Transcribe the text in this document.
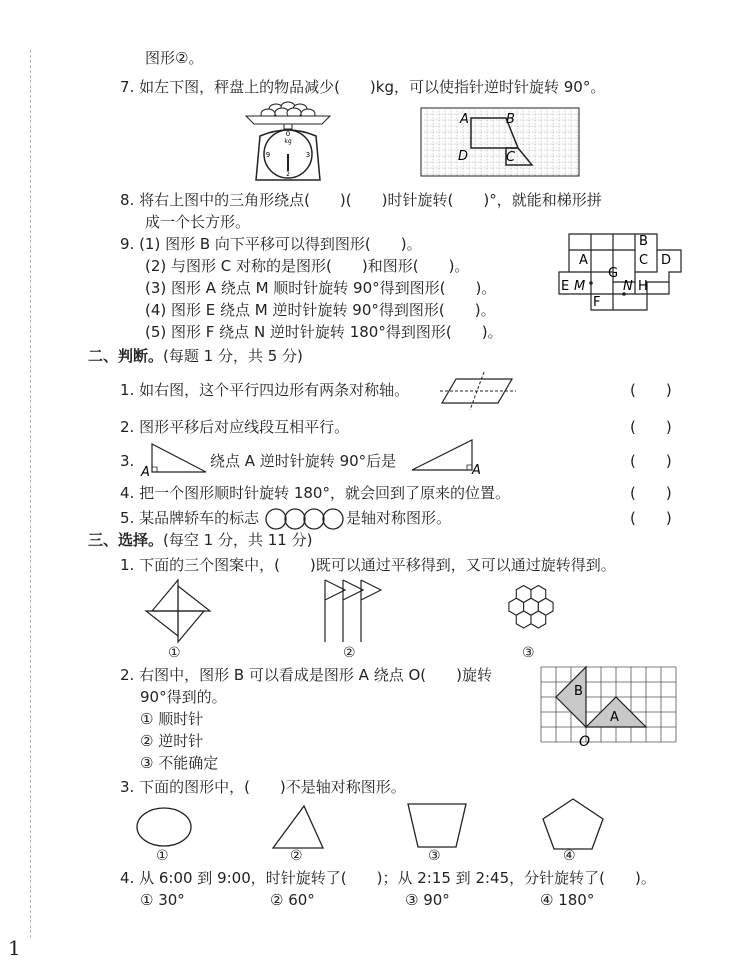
图形②。
7. 如左下图，秤盘上的物品减少(　　)kg，可以使指针逆时针旋转 90°。
0
kg
3
9
2
A	B
D	C
8. 将右上图中的三角形绕点(　　)(　　)时针旋转(　　)°，就能和梯形拼
成一个长方形。
9. (1) 图形 B 向下平移可以得到图形(　　)。
(2) 与图形 C 对称的是图形(　　)和图形(　　)。
(3) 图形 A 绕点 M 顺时针旋转 90°得到图形(　　)。
(4) 图形 E 绕点 M 逆时针旋转 90°得到图形(　　)。
(5) 图形 F 绕点 N 逆时针旋转 180°得到图形(　　)。
B
A	C D
G
E M
F
N H
二、判断。(每题 1 分，共 5 分)
1. 如右图，这个平行四边形有两条对称轴。	(　　)
2. 图形平移后对应线段互相平行。	(　　)
3.
A
绕点 A 逆时针旋转 90°后是
A
(　　)
4. 把一个图形顺时针旋转 180°，就会回到了原来的位置。	(　　)
5. 某品牌轿车的标志	是轴对称图形。	(　　)
三、选择。(每空 1 分，共 11 分)
1. 下面的三个图案中，(　　)既可以通过平移得到，又可以通过旋转得到。
①	②	③
2. 右图中，图形 B 可以看成是图形 A 绕点 O(　　)旋转
90°得到的。
① 顺时针
② 逆时针
③ 不能确定
B
A
O
3. 下面的图形中，(　　)不是轴对称图形。
①	②	③	④
4. 从 6:00 到 9:00，时针旋转了(　　)；从 2:15 到 2:45，分针旋转了(　　)。
① 30°	② 60°	③ 90°	④ 180°
1
